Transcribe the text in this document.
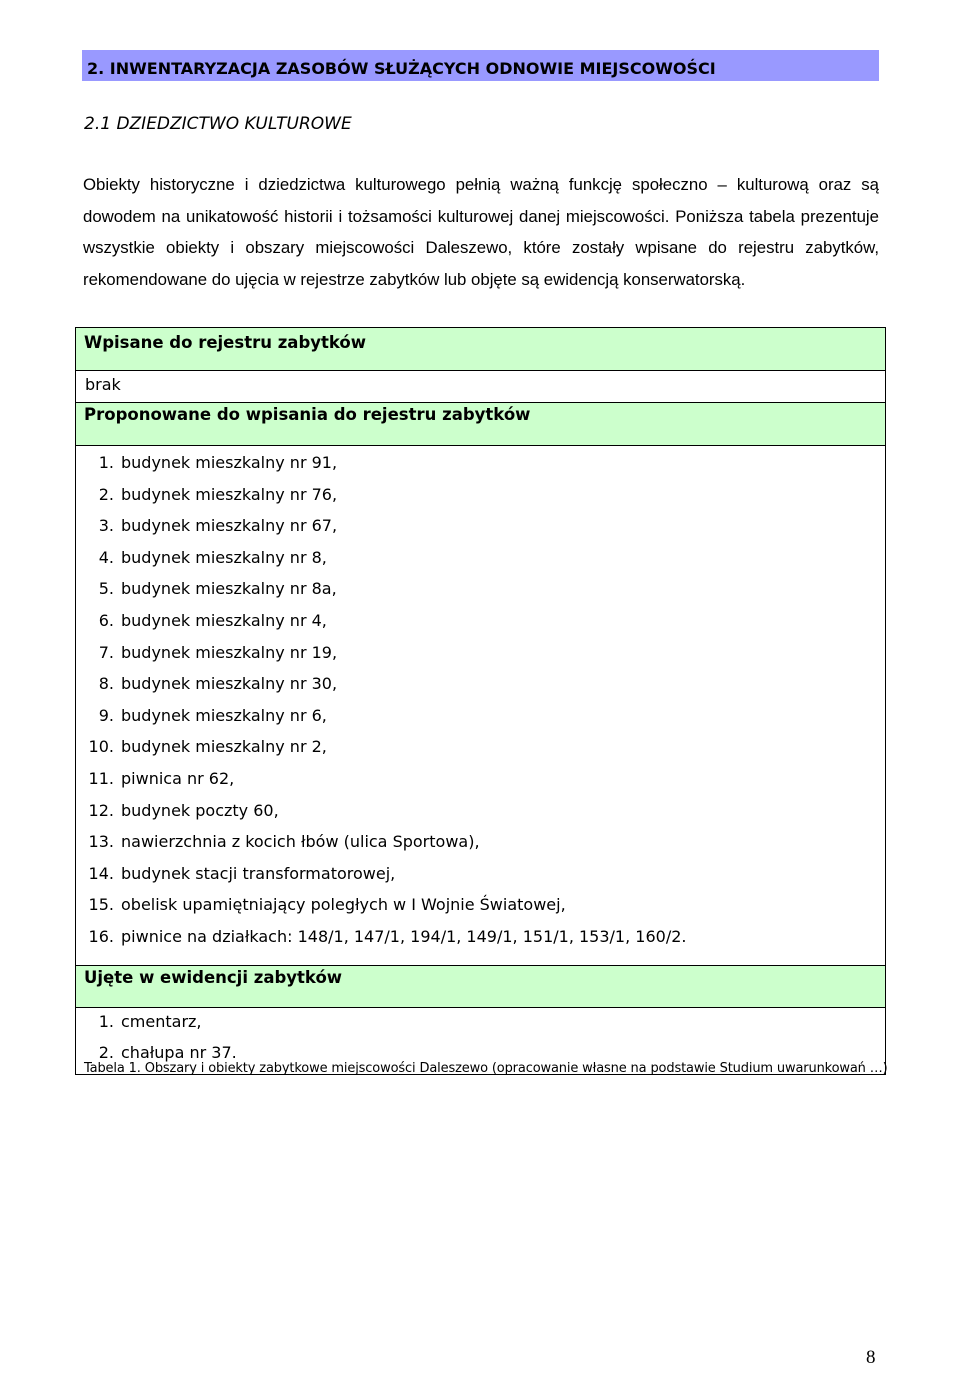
2. INWENTARYZACJA ZASOBÓW SŁUŻĄCYCH ODNOWIE MIEJSCOWOŚCI
2.1 DZIEDZICTWO KULTUROWE

Obiekty historyczne i dziedzictwa kulturowego pełnią ważną funkcję społeczno – kulturową oraz są dowodem na unikatowość historii i tożsamości kulturowej danej miejscowości. Poniższa tabela prezentuje wszystkie obiekty i obszary miejscowości Daleszewo, które zostały wpisane do rejestru zabytków, rekomendowane do ujęcia w rejestrze zabytków lub objęte są ewidencją konserwatorską.

Wpisane do rejestru zabytków
brak
Proponowane do wpisania do rejestru zabytków
1. budynek mieszkalny nr 91,
2. budynek mieszkalny nr 76,
3. budynek mieszkalny nr 67,
4. budynek mieszkalny nr 8,
5. budynek mieszkalny nr 8a,
6. budynek mieszkalny nr 4,
7. budynek mieszkalny nr 19,
8. budynek mieszkalny nr 30,
9. budynek mieszkalny nr 6,
10. budynek mieszkalny nr 2,
11. piwnica nr 62,
12. budynek poczty 60,
13. nawierzchnia z kocich łbów (ulica Sportowa),
14. budynek stacji transformatorowej,
15. obelisk upamiętniający poległych w I Wojnie Światowej,
16. piwnice na działkach: 148/1, 147/1, 194/1, 149/1, 151/1, 153/1, 160/2.
Ujęte w ewidencji zabytków
1. cmentarz,
2. chałupa nr 37.
Tabela 1. Obszary i obiekty zabytkowe miejscowości Daleszewo (opracowanie własne na podstawie Studium uwarunkowań …)
8
